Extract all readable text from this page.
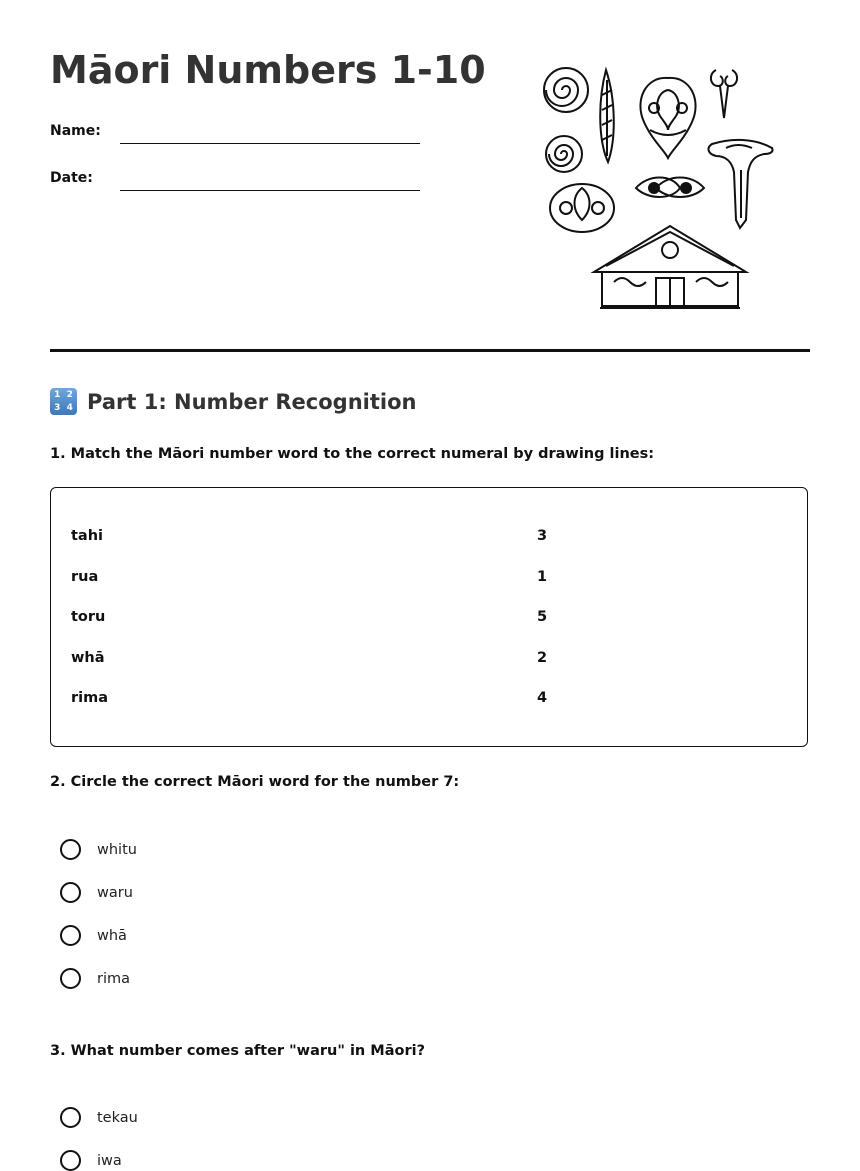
Māori Numbers 1-10
Name:
Date:
1 2
3 4 Part 1: Number Recognition
1. Match the Māori number word to the correct numeral by drawing lines:
tahi
rua
toru
whā
rima
3
1
5
2
4
2. Circle the correct Māori word for the number 7:
whitu
waru
whā
rima
3. What number comes after "waru" in Māori?
tekau
iwa
